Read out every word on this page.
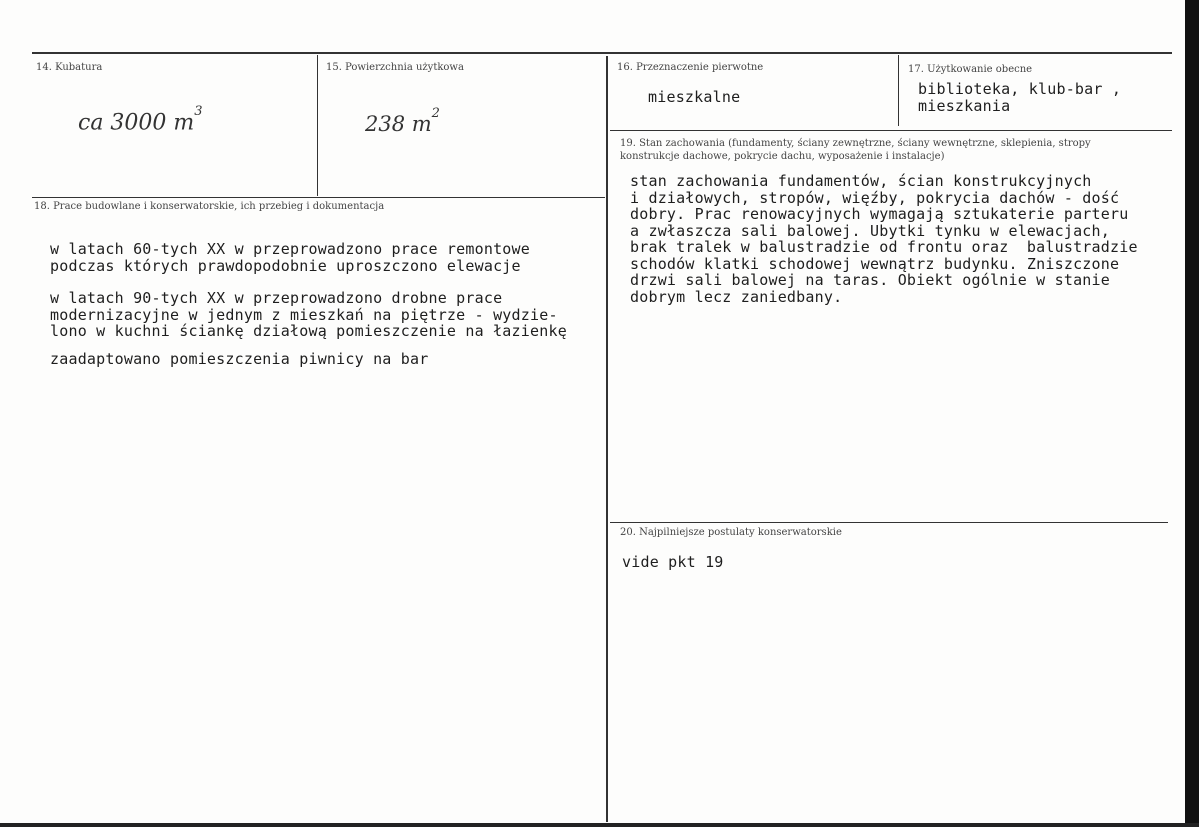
14. Kubatura
ca 3000 $m^3$
15. Powierzchnia użytkowa
238 $m^2$
16. Przeznaczenie pierwotne
mieszkalne
17. Użytkowanie obecne
biblioteka, klub-bar ,
mieszkania
18. Prace budowlane i konserwatorskie, ich przebieg i dokumentacja
w latach 60-tych XX w przeprowadzono prace remontowe
podczas których prawdopodobnie uproszczono elewacje
w latach 90-tych XX w przeprowadzono drobne prace
modernizacyjne w jednym z mieszkań na piętrze - wydzie-
lono w kuchni ściankę działową pomieszczenie na łazienkę
zaadaptowano pomieszczenia piwnicy na bar
19. Stan zachowania (fundamenty, ściany zewnętrzne, ściany wewnętrzne, sklepienia, stropy
konstrukcje dachowe, pokrycie dachu, wyposażenie i instalacje)
stan zachowania fundamentów, ścian konstrukcyjnych
i działowych, stropów, więźby, pokrycia dachów - dość
dobry. Prac renowacyjnych wymagają sztukaterie parteru
a zwłaszcza sali balowej. Ubytki tynku w elewacjach,
brak tralek w balustradzie od frontu oraz  balustradzie
schodów klatki schodowej wewnątrz budynku. Zniszczone
drzwi sali balowej na taras. Obiekt ogólnie w stanie
dobrym lecz zaniedbany.
20. Najpilniejsze postulaty konserwatorskie
vide pkt 19
